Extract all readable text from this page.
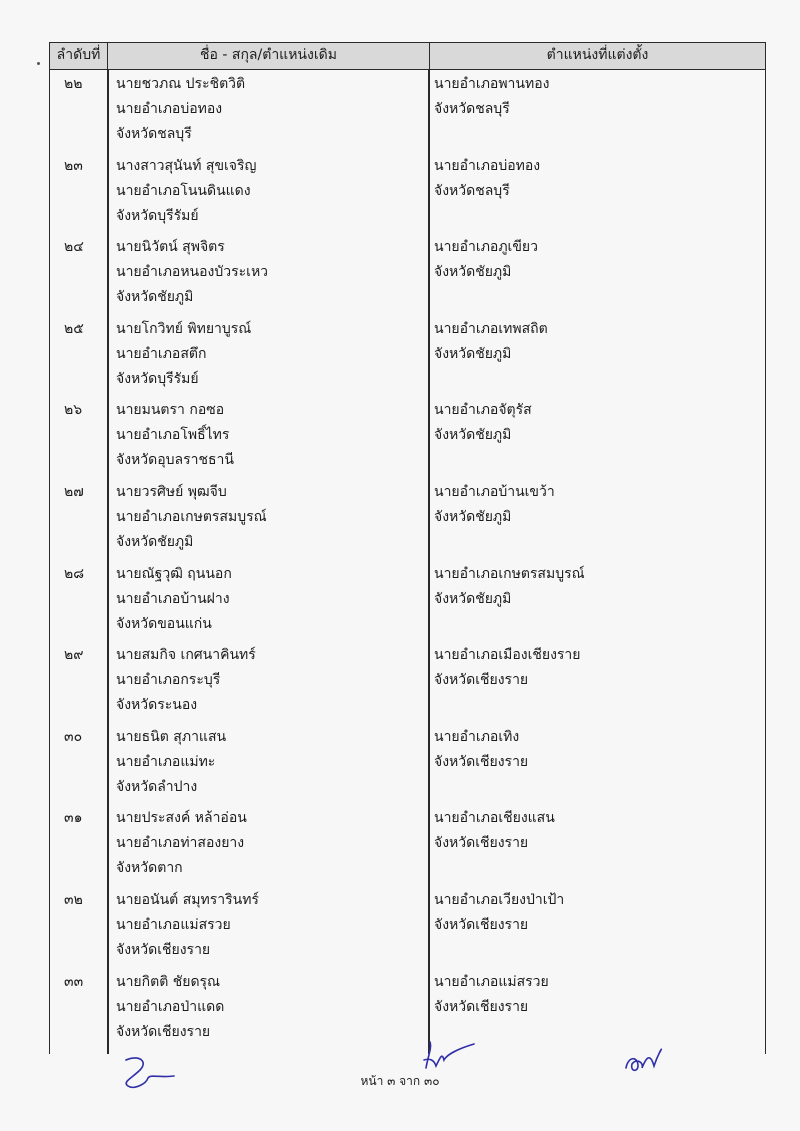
ลำดับที่	ชื่อ - สกุล/ตำแหน่งเดิม	ตำแหน่งที่แต่งตั้ง
๒๒ นายชวภณ ประชิตวิติ
นายอำเภอบ่อทอง
จังหวัดชลบุรี
นายอำเภอพานทอง
จังหวัดชลบุรี
๒๓ นางสาวสุนันท์ สุขเจริญ
นายอำเภอโนนดินแดง
จังหวัดบุรีรัมย์
นายอำเภอบ่อทอง
จังหวัดชลบุรี
๒๔ นายนิวัตน์ สุพจิตร
นายอำเภอหนองบัวระเหว
จังหวัดชัยภูมิ
นายอำเภอภูเขียว
จังหวัดชัยภูมิ
๒๕ นายโกวิทย์ พิทยาบูรณ์
นายอำเภอสตึก
จังหวัดบุรีรัมย์
นายอำเภอเทพสถิต
จังหวัดชัยภูมิ
๒๖ นายมนตรา กอซอ
นายอำเภอโพธิ์ไทร
จังหวัดอุบลราชธานี
นายอำเภอจัตุรัส
จังหวัดชัยภูมิ
๒๗ นายวรศิษย์ พุฒจีบ
นายอำเภอเกษตรสมบูรณ์
จังหวัดชัยภูมิ
นายอำเภอบ้านเขว้า
จังหวัดชัยภูมิ
๒๘ นายณัฐวุฒิ ฤนนอก
นายอำเภอบ้านฝาง
จังหวัดขอนแก่น
นายอำเภอเกษตรสมบูรณ์
จังหวัดชัยภูมิ
๒๙ นายสมกิจ เกศนาคินทร์
นายอำเภอกระบุรี
จังหวัดระนอง
นายอำเภอเมืองเชียงราย
จังหวัดเชียงราย
๓๐ นายธนิต สุภาแสน
นายอำเภอแม่ทะ
จังหวัดลำปาง
นายอำเภอเทิง
จังหวัดเชียงราย
๓๑ นายประสงค์ หล้าอ่อน
นายอำเภอท่าสองยาง
จังหวัดตาก
นายอำเภอเชียงแสน
จังหวัดเชียงราย
๓๒ นายอนันต์ สมุทรารินทร์
นายอำเภอแม่สรวย
จังหวัดเชียงราย
นายอำเภอเวียงป่าเป้า
จังหวัดเชียงราย
๓๓ นายกิตติ ชัยดรุณ
นายอำเภอป่าแดด
จังหวัดเชียงราย
นายอำเภอแม่สรวย
จังหวัดเชียงราย
หน้า ๓ จาก ๓๐
